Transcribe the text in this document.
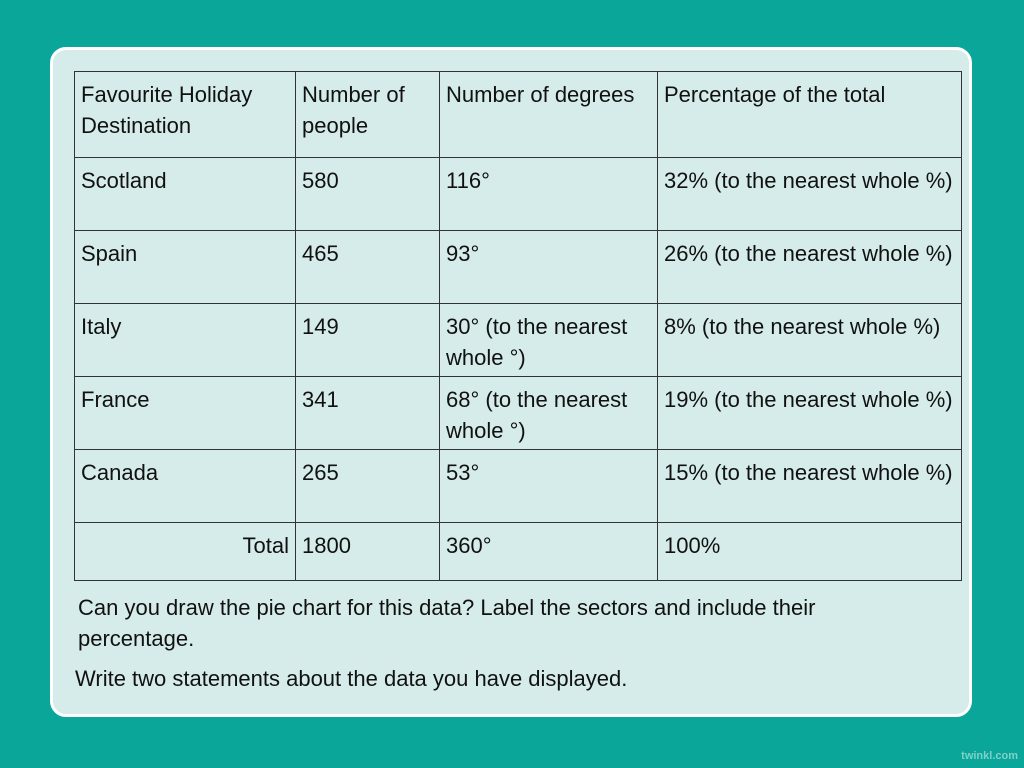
Favourite Holiday Destination	Number of people	Number of degrees	Percentage of the total
Scotland	580	116°	32% (to the nearest whole %)
Spain	465	93°	26% (to the nearest whole %)
Italy	149	30° (to the nearest whole °)	8% (to the nearest whole %)
France	341	68° (to the nearest whole °)	19% (to the nearest whole %)
Canada	265	53°	15% (to the nearest whole %)
Total	1800	360°	100%

Can you draw the pie chart for this data? Label the sectors and include their percentage.

Write two statements about the data you have displayed.

twinkl.com
